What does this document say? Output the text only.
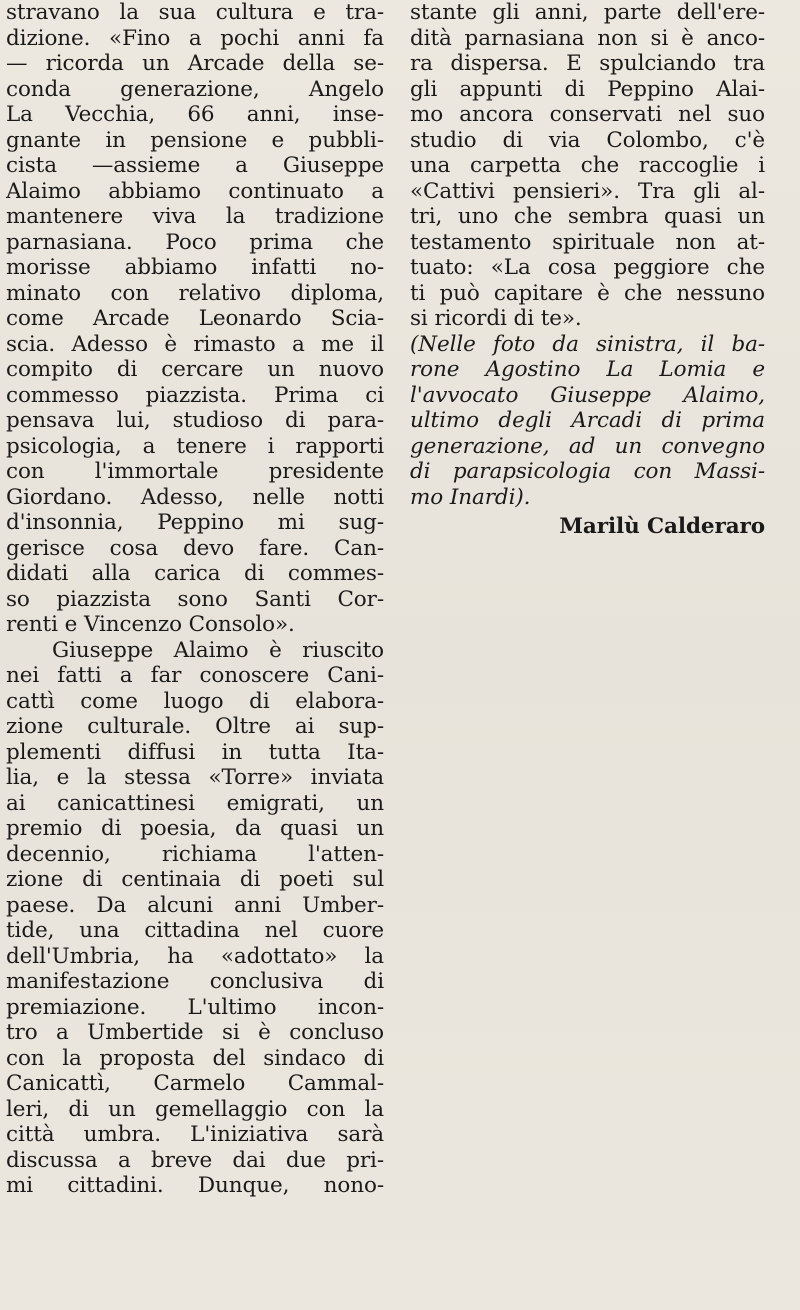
stravano la sua cultura e tra-
dizione. «Fino a pochi anni fa
— ricorda un Arcade della se-
conda generazione, Angelo
La Vecchia, 66 anni, inse-
gnante in pensione e pubbli-
cista —assieme a Giuseppe
Alaimo abbiamo continuato a
mantenere viva la tradizione
parnasiana. Poco prima che
morisse abbiamo infatti no-
minato con relativo diploma,
come Arcade Leonardo Scia-
scia. Adesso è rimasto a me il
compito di cercare un nuovo
commesso piazzista. Prima ci
pensava lui, studioso di para-
psicologia, a tenere i rapporti
con l'immortale presidente
Giordano. Adesso, nelle notti
d'insonnia, Peppino mi sug-
gerisce cosa devo fare. Can-
didati alla carica di commes-
so piazzista sono Santi Cor-
renti e Vincenzo Consolo».
Giuseppe Alaimo è riuscito
nei fatti a far conoscere Cani-
cattì come luogo di elabora-
zione culturale. Oltre ai sup-
plementi diffusi in tutta Ita-
lia, e la stessa «Torre» inviata
ai canicattinesi emigrati, un
premio di poesia, da quasi un
decennio, richiama l'atten-
zione di centinaia di poeti sul
paese. Da alcuni anni Umber-
tide, una cittadina nel cuore
dell'Umbria, ha «adottato» la
manifestazione conclusiva di
premiazione. L'ultimo incon-
tro a Umbertide si è concluso
con la proposta del sindaco di
Canicattì, Carmelo Cammal-
leri, di un gemellaggio con la
città umbra. L'iniziativa sarà
discussa a breve dai due pri-
mi cittadini. Dunque, nono-
stante gli anni, parte dell'ere-
dità parnasiana non si è anco-
ra dispersa. E spulciando tra
gli appunti di Peppino Alai-
mo ancora conservati nel suo
studio di via Colombo, c'è
una carpetta che raccoglie i
«Cattivi pensieri». Tra gli al-
tri, uno che sembra quasi un
testamento spirituale non at-
tuato: «La cosa peggiore che
ti può capitare è che nessuno
si ricordi di te».
(Nelle foto da sinistra, il ba-
rone Agostino La Lomia e
l'avvocato Giuseppe Alaimo,
ultimo degli Arcadi di prima
generazione, ad un convegno
di parapsicologia con Massi-
mo Inardi).
Marilù Calderaro
